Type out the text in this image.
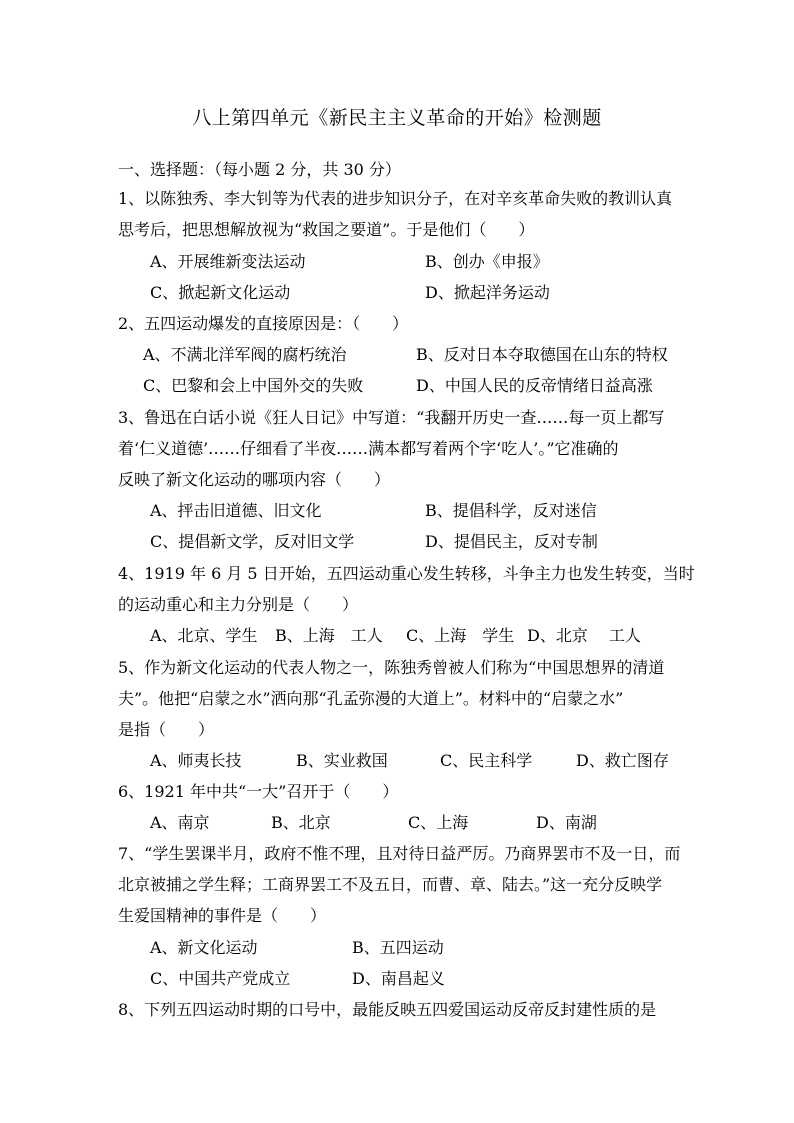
八上第四单元《新民主主义革命的开始》检测题
一、选择题：（每小题 2 分，共 30 分）
1、以陈独秀、李大钊等为代表的进步知识分子，在对辛亥革命失败的教训认真
思考后，把思想解放视为“救国之要道”。于是他们（　　）
A、开展维新变法运动	B、创办《申报》
C、掀起新文化运动	D、掀起洋务运动
2、五四运动爆发的直接原因是：（　　）
A、不满北洋军阀的腐朽统治	B、反对日本夺取德国在山东的特权
C、巴黎和会上中国外交的失败	D、中国人民的反帝情绪日益高涨
3、鲁迅在白话小说《狂人日记》中写道：“我翻开历史一查……每一页上都写
着‘仁义道德’……仔细看了半夜……满本都写着两个字‘吃人’。”它准确的
反映了新文化运动的哪项内容（　　）
A、抨击旧道德、旧文化	B、提倡科学，反对迷信
C、提倡新文学，反对旧文学	D、提倡民主，反对专制
4、1919 年 6 月 5 日开始，五四运动重心发生转移，斗争主力也发生转变，当时
的运动重心和主力分别是（　　）
A、北京、学生 B、上海　工人 C、上海　学生 D、北京　 工人
5、作为新文化运动的代表人物之一，陈独秀曾被人们称为“中国思想界的清道
夫”。他把“启蒙之水”洒向那“孔孟弥漫的大道上”。材料中的“启蒙之水”
是指（　　）
A、师夷长技	B、实业救国	C、民主科学	D、救亡图存
6、1921 年中共“一大”召开于（　　）
A、南京	B、北京	C、上海	D、南湖
7、“学生罢课半月，政府不惟不理，且对待日益严厉。乃商界罢市不及一日，而
北京被捕之学生释；工商界罢工不及五日，而曹、章、陆去。”这一充分反映学
生爱国精神的事件是（　　）
A、新文化运动	B、五四运动
C、中国共产党成立	D、南昌起义
8、下列五四运动时期的口号中，最能反映五四爱国运动反帝反封建性质的是
